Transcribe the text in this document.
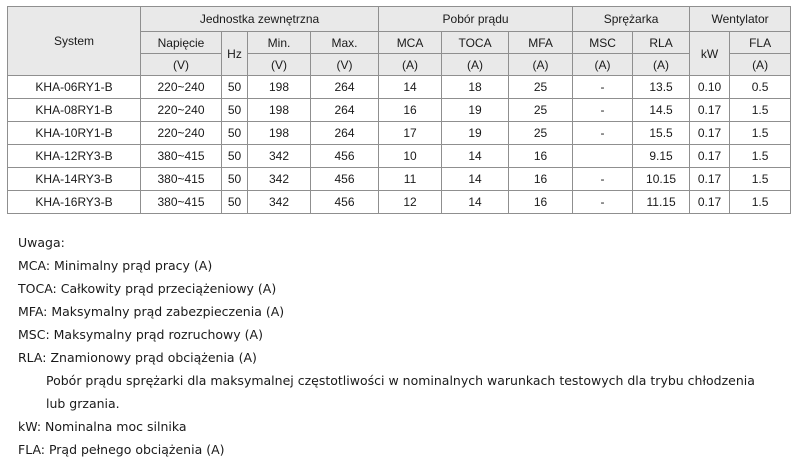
System	Jednostka zewnętrzna				Pobór prądu			Sprężarka		Wentylator	
	Napięcie	Hz	Min.	Max.	MCA	TOCA	MFA	MSC	RLA	kW	FLA
	(V)		(V)	(V)	(A)	(A)	(A)	(A)	(A)		(A)
KHA-06RY1-B	220~240	50	198	264	14	18	25	-	13.5	0.10	0.5
KHA-08RY1-B	220~240	50	198	264	16	19	25	-	14.5	0.17	1.5
KHA-10RY1-B	220~240	50	198	264	17	19	25	-	15.5	0.17	1.5
KHA-12RY3-B	380~415	50	342	456	10	14	16		9.15	0.17	1.5
KHA-14RY3-B	380~415	50	342	456	11	14	16	-	10.15	0.17	1.5
KHA-16RY3-B	380~415	50	342	456	12	14	16	-	11.15	0.17	1.5
Uwaga:
MCA: Minimalny prąd pracy (A)
TOCA: Całkowity prąd przeciążeniowy (A)
MFA: Maksymalny prąd zabezpieczenia (A)
MSC: Maksymalny prąd rozruchowy (A)
RLA: Znamionowy prąd obciążenia (A)
Pobór prądu sprężarki dla maksymalnej częstotliwości w nominalnych warunkach testowych dla trybu chłodzenia
lub grzania.
kW: Nominalna moc silnika
FLA: Prąd pełnego obciążenia (A)
